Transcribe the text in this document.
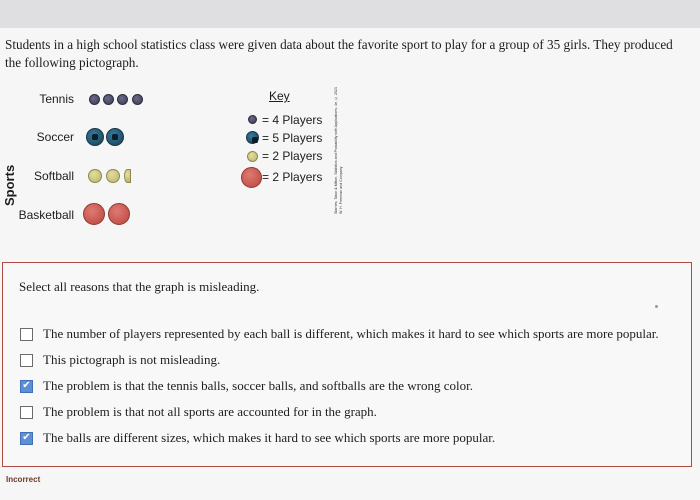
Students in a high school statistics class were given data about the favorite sport to play for a group of 35 girls. They produced the following pictograph.

Sports
Tennis
Soccer
Softball
Basketball
Key
= 4 Players
= 5 Players
= 2 Players
= 2 Players	Starnes, Tabor & Milton, Statistics and Probability with Applications, 4e, © 2021 W. H. Freeman and Company
Select all reasons that the graph is misleading.
The number of players represented by each ball is different, which makes it hard to see which sports are more popular.
This pictograph is not misleading.
✔ The problem is that the tennis balls, soccer balls, and softballs are the wrong color.
The problem is that not all sports are accounted for in the graph.
✔ The balls are different sizes, which makes it hard to see which sports are more popular.
Incorrect
